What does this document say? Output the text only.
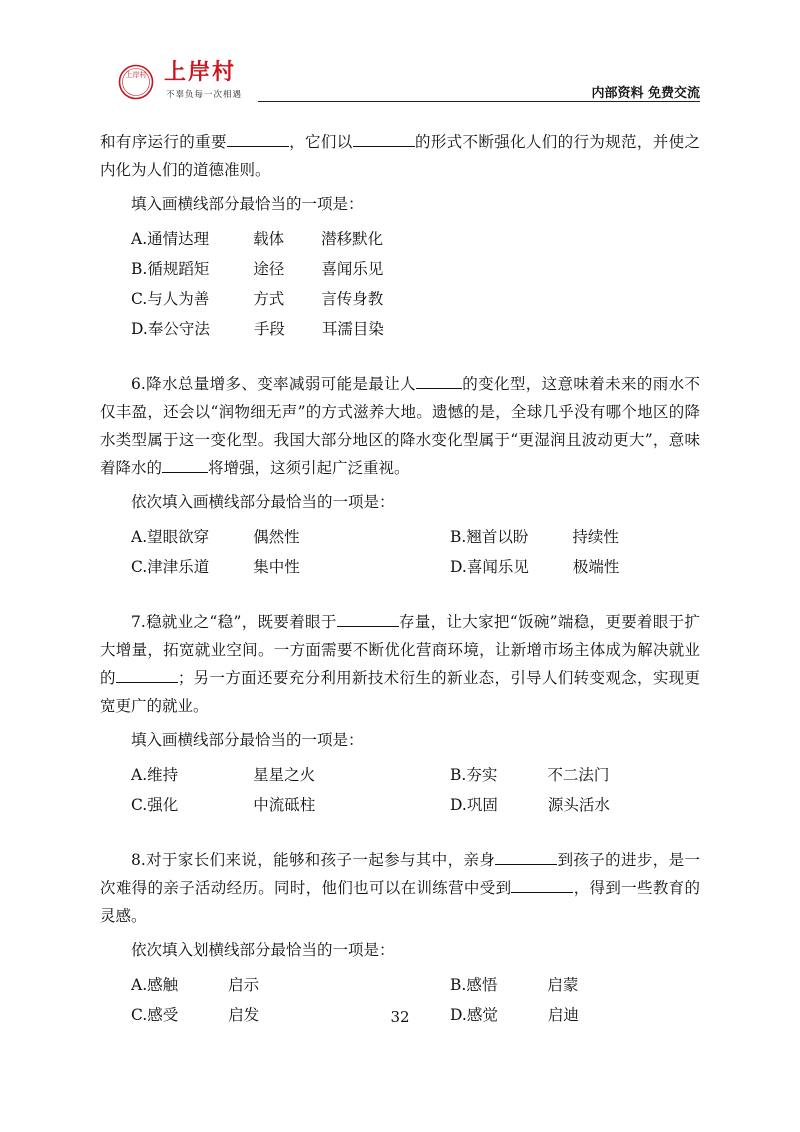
上岸村 上岸村
不辜负每一次相遇	内部资料 免费交流

和有序运行的重要	，它们以	的形式不断强化人们的行为规范，并使之内化为人们的道德准则。

填入画横线部分最恰当的一项是：
A. 通情达理	载体	潜移默化
B. 循规蹈矩	途径	喜闻乐见
C. 与人为善	方式	言传身教
D. 奉公守法	手段	耳濡目染

6.降水总量增多、变率减弱可能是最让人	的变化型，这意味着未来的雨水不仅丰盈，还会以“润物细无声”的方式滋养大地。遗憾的是，全球几乎没有哪个地区的降水类型属于这一变化型。我国大部分地区的降水变化型属于“更湿润且波动更大”，意味着降水的	将增强，这须引起广泛重视。

依次填入画横线部分最恰当的一项是：
A. 望眼欲穿	偶然性	B. 翘首以盼	持续性
C. 津津乐道	集中性	D. 喜闻乐见	极端性

7.稳就业之“稳”，既要着眼于	存量，让大家把“饭碗”端稳，更要着眼于扩大增量，拓宽就业空间。一方面需要不断优化营商环境，让新增市场主体成为解决就业的	；另一方面还要充分利用新技术衍生的新业态，引导人们转变观念，实现更宽更广的就业。

填入画横线部分最恰当的一项是：
A. 维持	星星之火	B. 夯实	不二法门
C. 强化	中流砥柱	D. 巩固	源头活水

8.对于家长们来说，能够和孩子一起参与其中，亲身	到孩子的进步，是一次难得的亲子活动经历。同时，他们也可以在训练营中受到	，得到一些教育的灵感。

依次填入划横线部分最恰当的一项是：
A. 感触	启示	B. 感悟	启蒙
C. 感受	启发	D. 感觉	启迪
32
